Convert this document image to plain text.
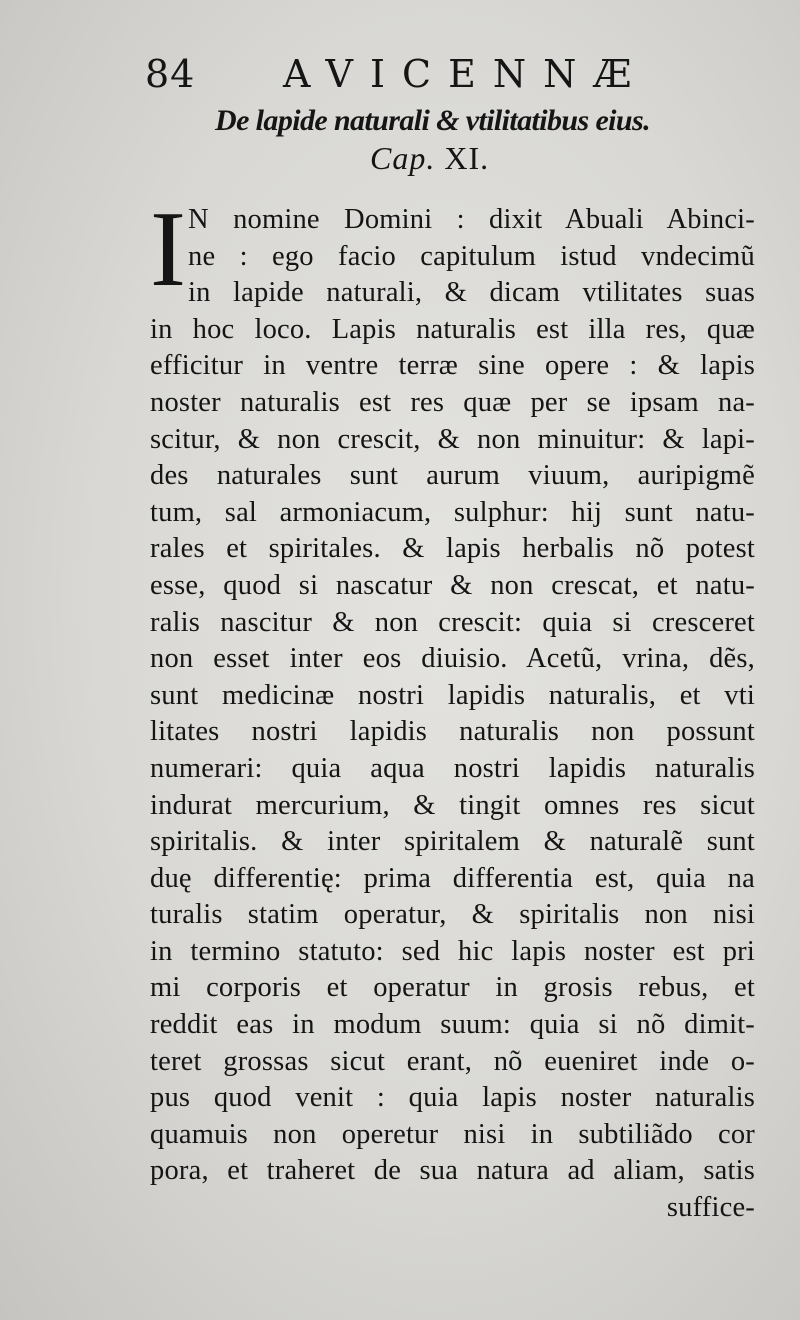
84 AVICENNÆ
De lapide naturali & vtilitatibus eius.
Cap. XI.
I N nomine Domini : dixit Abuali Abinci-
ne : ego facio capitulum istud vndecimũ
in lapide naturali, & dicam vtilitates suas
in hoc loco. Lapis naturalis est illa res, quæ
efficitur in ventre terræ sine opere : & lapis
noster naturalis est res quæ per se ipsam na-
scitur, & non crescit, & non minuitur: & lapi-
des naturales sunt aurum viuum, auripigmẽ
tum, sal armoniacum, sulphur: hij sunt natu-
rales et spiritales. & lapis herbalis nõ potest
esse, quod si nascatur & non crescat, et natu-
ralis nascitur & non crescit: quia si cresceret
non esset inter eos diuisio. Acetũ, vrina, dẽs,
sunt medicinæ nostri lapidis naturalis, et vti
litates nostri lapidis naturalis non possunt
numerari: quia aqua nostri lapidis naturalis
indurat mercurium, & tingit omnes res sicut
spiritalis. & inter spiritalem & naturalẽ sunt
duę differentię: prima differentia est, quia na
turalis statim operatur, & spiritalis non nisi
in termino statuto: sed hic lapis noster est pri
mi corporis et operatur in grosis rebus, et
reddit eas in modum suum: quia si nõ dimit-
teret grossas sicut erant, nõ eueniret inde o-
pus quod venit : quia lapis noster naturalis
quamuis non operetur nisi in subtiliãdo cor
pora, et traheret de sua natura ad aliam, satis
suffice-
